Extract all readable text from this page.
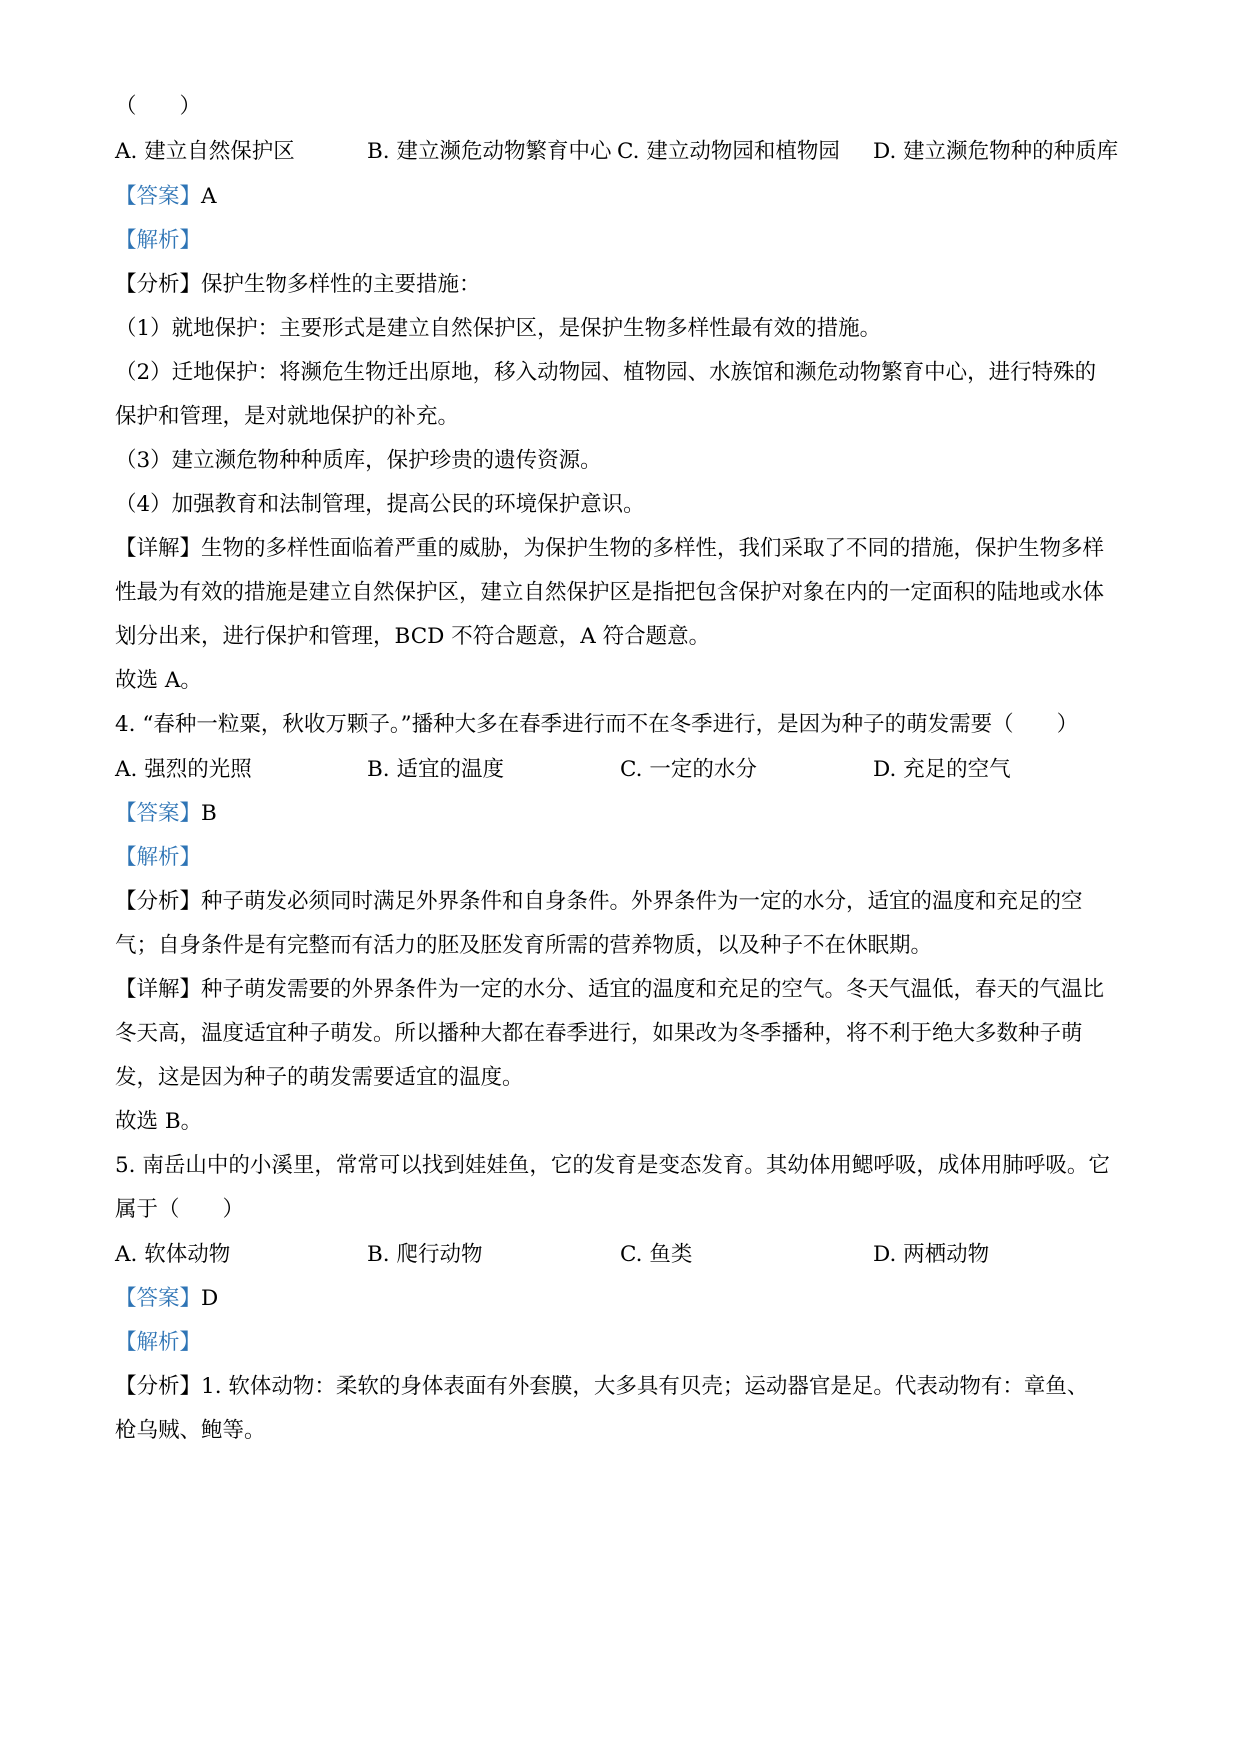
（　　）
A. 建立自然保护区	B. 建立濒危动物繁育中心 C. 建立动物园和植物园 D. 建立濒危物种的种质库
【答案】A
【解析】
【分析】保护生物多样性的主要措施：
（1）就地保护：主要形式是建立自然保护区，是保护生物多样性最有效的措施。
（2）迁地保护：将濒危生物迁出原地，移入动物园、植物园、水族馆和濒危动物繁育中心，进行特殊的
保护和管理，是对就地保护的补充。
（3）建立濒危物种种质库，保护珍贵的遗传资源。
（4）加强教育和法制管理，提高公民的环境保护意识。
【详解】生物的多样性面临着严重的威胁，为保护生物的多样性，我们采取了不同的措施，保护生物多样
性最为有效的措施是建立自然保护区，建立自然保护区是指把包含保护对象在内的一定面积的陆地或水体
划分出来，进行保护和管理，BCD 不符合题意，A 符合题意。
故选 A。
4. “春种一粒粟，秋收万颗子。”播种大多在春季进行而不在冬季进行，是因为种子的萌发需要（　　）
A. 强烈的光照	B. 适宜的温度	C. 一定的水分	D. 充足的空气
【答案】B
【解析】
【分析】种子萌发必须同时满足外界条件和自身条件。外界条件为一定的水分，适宜的温度和充足的空
气；自身条件是有完整而有活力的胚及胚发育所需的营养物质，以及种子不在休眠期。
【详解】种子萌发需要的外界条件为一定的水分、适宜的温度和充足的空气。冬天气温低，春天的气温比
冬天高，温度适宜种子萌发。所以播种大都在春季进行，如果改为冬季播种，将不利于绝大多数种子萌
发，这是因为种子的萌发需要适宜的温度。
故选 B。
5. 南岳山中的小溪里，常常可以找到娃娃鱼，它的发育是变态发育。其幼体用鳃呼吸，成体用肺呼吸。它
属于（　　）
A. 软体动物	B. 爬行动物	C. 鱼类	D. 两栖动物
【答案】D
【解析】
【分析】1. 软体动物：柔软的身体表面有外套膜，大多具有贝壳；运动器官是足。代表动物有：章鱼、
枪乌贼、鲍等。
